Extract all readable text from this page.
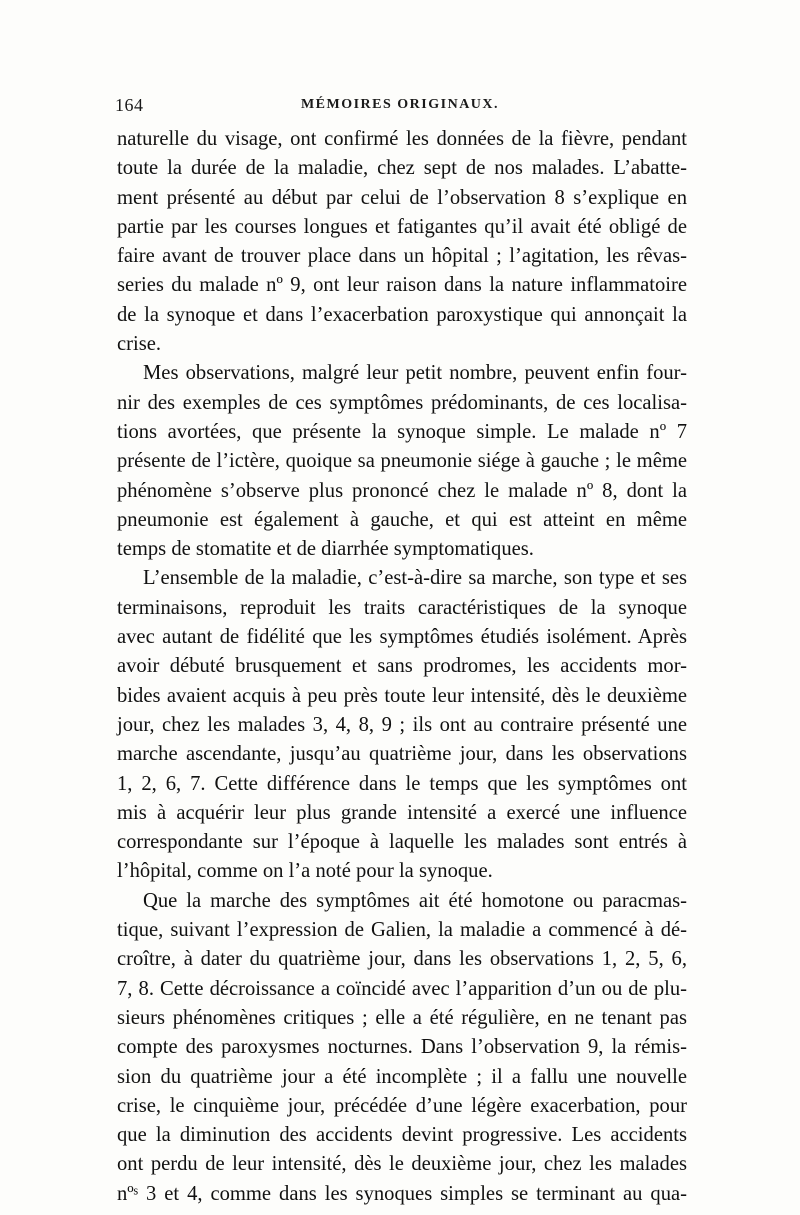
164	MÉMOIRES ORIGINAUX.
naturelle du visage, ont confirmé les données de la fièvre, pendant
toute la durée de la maladie, chez sept de nos malades. L’abatte-
ment présenté au début par celui de l’observation 8 s’explique en
partie par les courses longues et fatigantes qu’il avait été obligé de
faire avant de trouver place dans un hôpital ; l’agitation, les rêvas-
series du malade nº 9, ont leur raison dans la nature inflammatoire
de la synoque et dans l’exacerbation paroxystique qui annonçait la
crise.
Mes observations, malgré leur petit nombre, peuvent enfin four-
nir des exemples de ces symptômes prédominants, de ces localisa-
tions avortées, que présente la synoque simple. Le malade nº 7
présente de l’ictère, quoique sa pneumonie siége à gauche ; le même
phénomène s’observe plus prononcé chez le malade nº 8, dont la
pneumonie est également à gauche, et qui est atteint en même
temps de stomatite et de diarrhée symptomatiques.
L’ensemble de la maladie, c’est-à-dire sa marche, son type et ses
terminaisons, reproduit les traits caractéristiques de la synoque
avec autant de fidélité que les symptômes étudiés isolément. Après
avoir débuté brusquement et sans prodromes, les accidents mor-
bides avaient acquis à peu près toute leur intensité, dès le deuxième
jour, chez les malades 3, 4, 8, 9 ; ils ont au contraire présenté une
marche ascendante, jusqu’au quatrième jour, dans les observations
1, 2, 6, 7. Cette différence dans le temps que les symptômes ont
mis à acquérir leur plus grande intensité a exercé une influence
correspondante sur l’époque à laquelle les malades sont entrés à
l’hôpital, comme on l’a noté pour la synoque.
Que la marche des symptômes ait été homotone ou paracmas-
tique, suivant l’expression de Galien, la maladie a commencé à dé-
croître, à dater du quatrième jour, dans les observations 1, 2, 5, 6,
7, 8. Cette décroissance a coïncidé avec l’apparition d’un ou de plu-
sieurs phénomènes critiques ; elle a été régulière, en ne tenant pas
compte des paroxysmes nocturnes. Dans l’observation 9, la rémis-
sion du quatrième jour a été incomplète ; il a fallu une nouvelle
crise, le cinquième jour, précédée d’une légère exacerbation, pour
que la diminution des accidents devint progressive. Les accidents
ont perdu de leur intensité, dès le deuxième jour, chez les malades
nºˢ 3 et 4, comme dans les synoques simples se terminant au qua-
